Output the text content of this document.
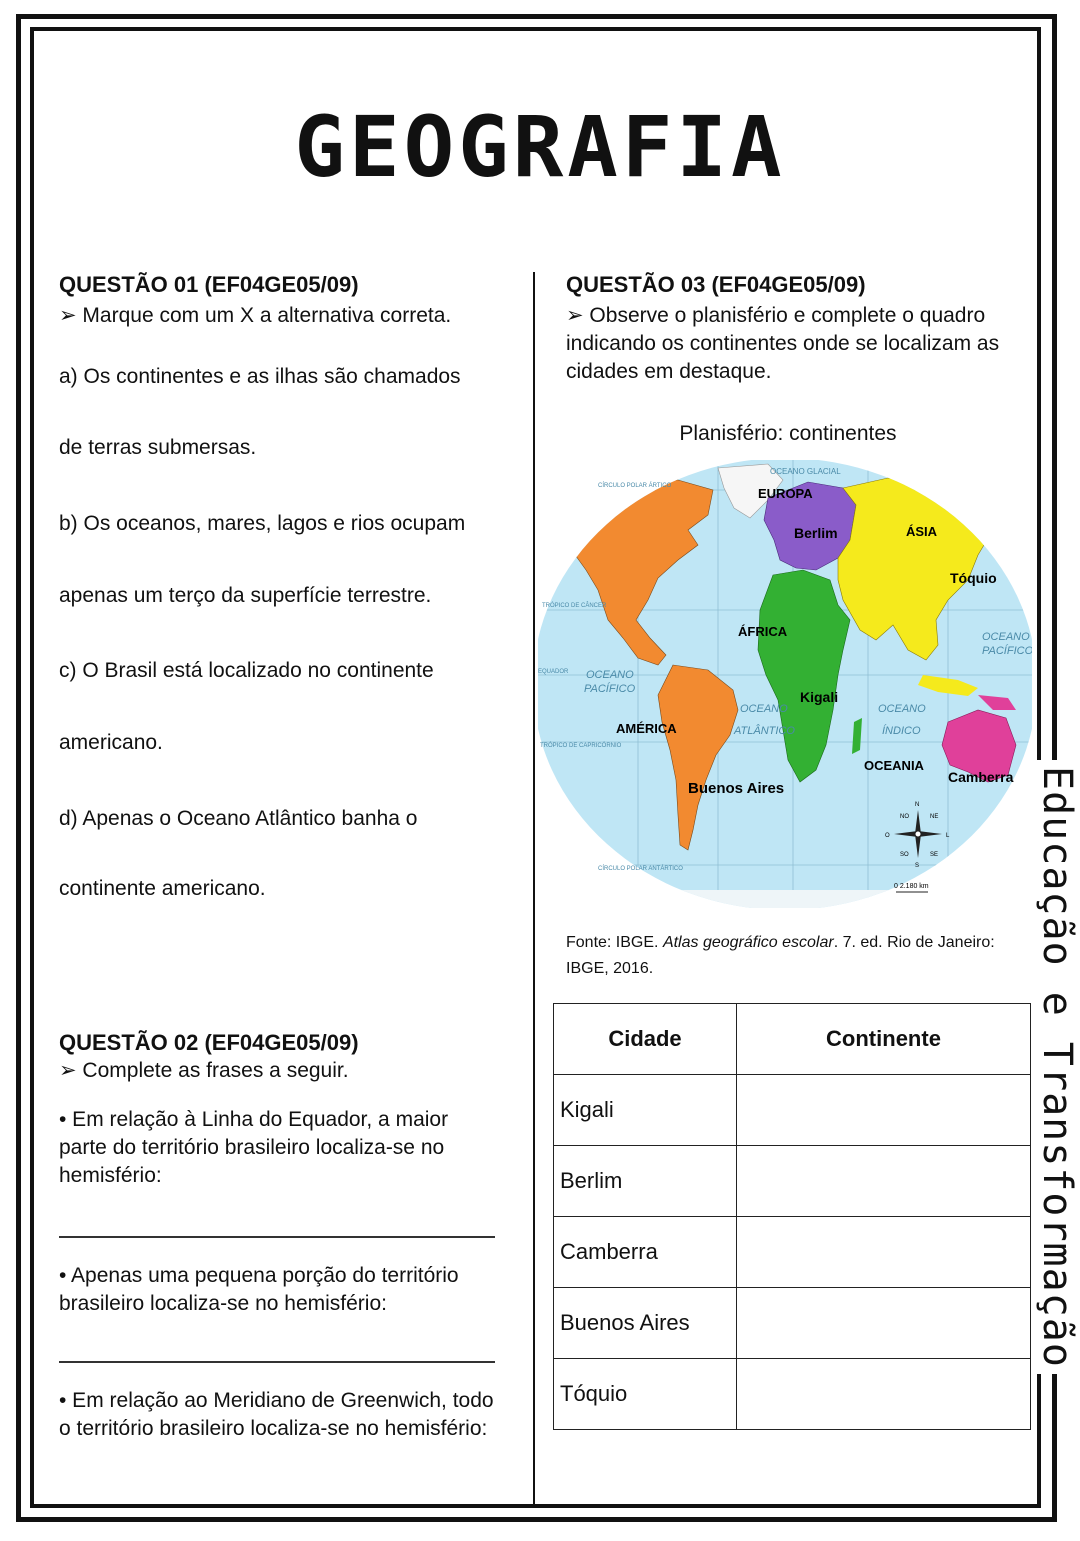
GEOGRAFIA
QUESTÃO 01 (EF04GE05/09)
➢ Marque com um X a alternativa correta.
a) Os continentes e as ilhas são chamados
de terras submersas.
b) Os oceanos, mares, lagos e rios ocupam
apenas um terço da superfície terrestre.
c) O Brasil está localizado no continente
americano.
d) Apenas o Oceano Atlântico banha o
continente americano.
QUESTÃO 02 (EF04GE05/09)
➢ Complete as frases a seguir.
• Em relação à Linha do Equador, a maior parte do território brasileiro localiza-se no hemisfério:
• Apenas uma pequena porção do território brasileiro localiza-se no hemisfério:
• Em relação ao Meridiano de Greenwich, todo o território brasileiro localiza-se no hemisfério:
QUESTÃO 03 (EF04GE05/09)
➢ Observe o planisfério e complete o quadro indicando os continentes onde se localizam as cidades em destaque.
Planisfério: continentes
EUROPA
ÁSIA
ÁFRICA
AMÉRICA
OCEANIA
Berlim
Tóquio
Kigali
Buenos Aires
Camberra
OCEANO GLACIAL
OCEANO
PACÍFICO
OCEANO
PACÍFICO
OCEANO
ATLÂNTICO
OCEANO
ÍNDICO
TRÓPICO DE CÂNCER
TRÓPICO DE CAPRICÓRNIO
CÍRCULO POLAR ÁRTICO
CÍRCULO POLAR ANTÁRTICO
EQUADOR
N
S
L
O
NE
NO
SE
SO
0 2.180 km
Fonte: IBGE. Atlas geográfico escolar. 7. ed. Rio de Janeiro: IBGE, 2016.
Cidade	Continente
Kigali	
Berlim	
Camberra	
Buenos Aires	
Tóquio	
Educação e Transformação
